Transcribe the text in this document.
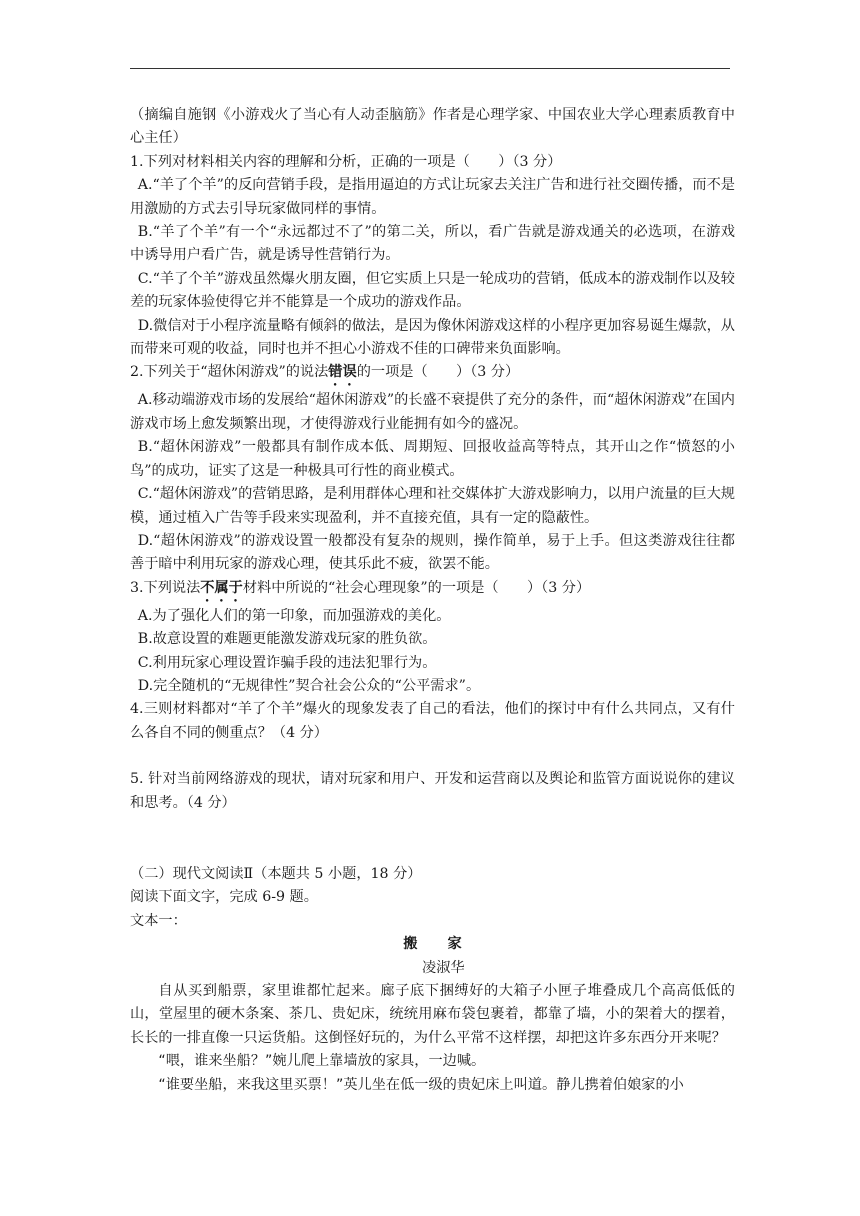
（摘编自施钢《小游戏火了当心有人动歪脑筋》作者是心理学家、中国农业大学心理素质教育中心主任）

1.下列对材料相关内容的理解和分析，正确的一项是（　　）（3 分）

A.“羊了个羊”的反向营销手段，是指用逼迫的方式让玩家去关注广告和进行社交圈传播，而不是用激励的方式去引导玩家做同样的事情。

B.“羊了个羊”有一个“永远都过不了”的第二关，所以，看广告就是游戏通关的必选项，在游戏中诱导用户看广告，就是诱导性营销行为。

C.“羊了个羊”游戏虽然爆火朋友圈，但它实质上只是一轮成功的营销，低成本的游戏制作以及较差的玩家体验使得它并不能算是一个成功的游戏作品。

D.微信对于小程序流量略有倾斜的做法，是因为像休闲游戏这样的小程序更加容易诞生爆款，从而带来可观的收益，同时也并不担心小游戏不佳的口碑带来负面影响。

2.下列关于“超休闲游戏”的说法错误的一项是（　　）（3 分）

A.移动端游戏市场的发展给“超休闲游戏”的长盛不衰提供了充分的条件，而“超休闲游戏”在国内游戏市场上愈发频繁出现，才使得游戏行业能拥有如今的盛况。

B.“超休闲游戏”一般都具有制作成本低、周期短、回报收益高等特点，其开山之作“愤怒的小鸟”的成功，证实了这是一种极具可行性的商业模式。

C.“超休闲游戏”的营销思路，是利用群体心理和社交媒体扩大游戏影响力，以用户流量的巨大规模，通过植入广告等手段来实现盈利，并不直接充值，具有一定的隐蔽性。

D.“超休闲游戏”的游戏设置一般都没有复杂的规则，操作简单，易于上手。但这类游戏往往都善于暗中利用玩家的游戏心理，使其乐此不疲，欲罢不能。

3.下列说法不属于材料中所说的“社会心理现象”的一项是（　　）（3 分）

A.为了强化人们的第一印象，而加强游戏的美化。

B.故意设置的难题更能激发游戏玩家的胜负欲。

C.利用玩家心理设置诈骗手段的违法犯罪行为。

D.完全随机的“无规律性”契合社会公众的“公平需求”。

4.三则材料都对“羊了个羊”爆火的现象发表了自己的看法，他们的探讨中有什么共同点，又有什么各自不同的侧重点？（4 分）

5. 针对当前网络游戏的现状，请对玩家和用户、开发和运营商以及舆论和监管方面说说你的建议和思考。（4 分）

（二）现代文阅读Ⅱ（本题共 5 小题，18 分）

阅读下面文字，完成 6-9 题。

文本一：

搬家

凌淑华

自从买到船票，家里谁都忙起来。廊子底下捆缚好的大箱子小匣子堆叠成几个高高低低的山，堂屋里的硬木条案、茶几、贵妃床，统统用麻布袋包裹着，都靠了墙，小的架着大的摆着，长长的一排直像一只运货船。这倒怪好玩的，为什么平常不这样摆，却把这许多东西分开来呢？

“喂，谁来坐船？”婉儿爬上靠墙放的家具，一边喊。

“谁要坐船，来我这里买票！”英儿坐在低一级的贵妃床上叫道。静儿携着伯娘家的小
